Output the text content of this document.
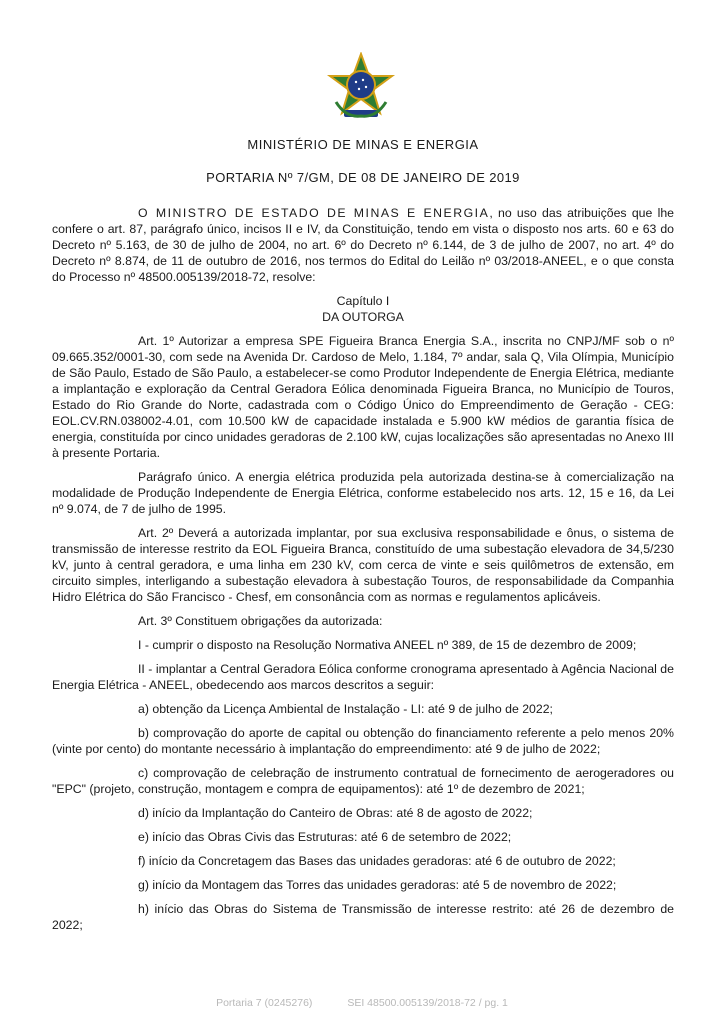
MINISTÉRIO DE MINAS E ENERGIA
PORTARIA Nº 7/GM, DE 08 DE JANEIRO DE 2019

O MINISTRO DE ESTADO DE MINAS E ENERGIA, no uso das atribuições que lhe confere o art. 87, parágrafo único, incisos II e IV, da Constituição, tendo em vista o disposto nos arts. 60 e 63 do Decreto nº 5.163, de 30 de julho de 2004, no art. 6º do Decreto nº 6.144, de 3 de julho de 2007, no art. 4º do Decreto nº 8.874, de 11 de outubro de 2016, nos termos do Edital do Leilão nº 03/2018-ANEEL, e o que consta do Processo nº 48500.005139/2018-72, resolve:

Capítulo I

DA OUTORGA

Art. 1º Autorizar a empresa SPE Figueira Branca Energia S.A., inscrita no CNPJ/MF sob o nº 09.665.352/0001-30, com sede na Avenida Dr. Cardoso de Melo, 1.184, 7º andar, sala Q, Vila Olímpia, Município de São Paulo, Estado de São Paulo, a estabelecer-se como Produtor Independente de Energia Elétrica, mediante a implantação e exploração da Central Geradora Eólica denominada Figueira Branca, no Município de Touros, Estado do Rio Grande do Norte, cadastrada com o Código Único do Empreendimento de Geração - CEG: EOL.CV.RN.038002-4.01, com 10.500 kW de capacidade instalada e 5.900 kW médios de garantia física de energia, constituída por cinco unidades geradoras de 2.100 kW, cujas localizações são apresentadas no Anexo III à presente Portaria.

Parágrafo único. A energia elétrica produzida pela autorizada destina-se à comercialização na modalidade de Produção Independente de Energia Elétrica, conforme estabelecido nos arts. 12, 15 e 16, da Lei nº 9.074, de 7 de julho de 1995.

Art. 2º Deverá a autorizada implantar, por sua exclusiva responsabilidade e ônus, o sistema de transmissão de interesse restrito da EOL Figueira Branca, constituído de uma subestação elevadora de 34,5/230 kV, junto à central geradora, e uma linha em 230 kV, com cerca de vinte e seis quilômetros de extensão, em circuito simples, interligando a subestação elevadora à subestação Touros, de responsabilidade da Companhia Hidro Elétrica do São Francisco - Chesf, em consonância com as normas e regulamentos aplicáveis.

Art. 3º Constituem obrigações da autorizada:

I - cumprir o disposto na Resolução Normativa ANEEL nº 389, de 15 de dezembro de 2009;

II - implantar a Central Geradora Eólica conforme cronograma apresentado à Agência Nacional de Energia Elétrica - ANEEL, obedecendo aos marcos descritos a seguir:

a) obtenção da Licença Ambiental de Instalação - LI: até 9 de julho de 2022;

b) comprovação do aporte de capital ou obtenção do financiamento referente a pelo menos 20% (vinte por cento) do montante necessário à implantação do empreendimento: até 9 de julho de 2022;

c) comprovação de celebração de instrumento contratual de fornecimento de aerogeradores ou "EPC" (projeto, construção, montagem e compra de equipamentos): até 1º de dezembro de 2021;

d) início da Implantação do Canteiro de Obras: até 8 de agosto de 2022;

e) início das Obras Civis das Estruturas: até 6 de setembro de 2022;

f) início da Concretagem das Bases das unidades geradoras: até 6 de outubro de 2022;

g) início da Montagem das Torres das unidades geradoras: até 5 de novembro de 2022;

h) início das Obras do Sistema de Transmissão de interesse restrito: até 26 de dezembro de 2022;

Portaria 7 (0245276)	SEI 48500.005139/2018-72 / pg. 1
